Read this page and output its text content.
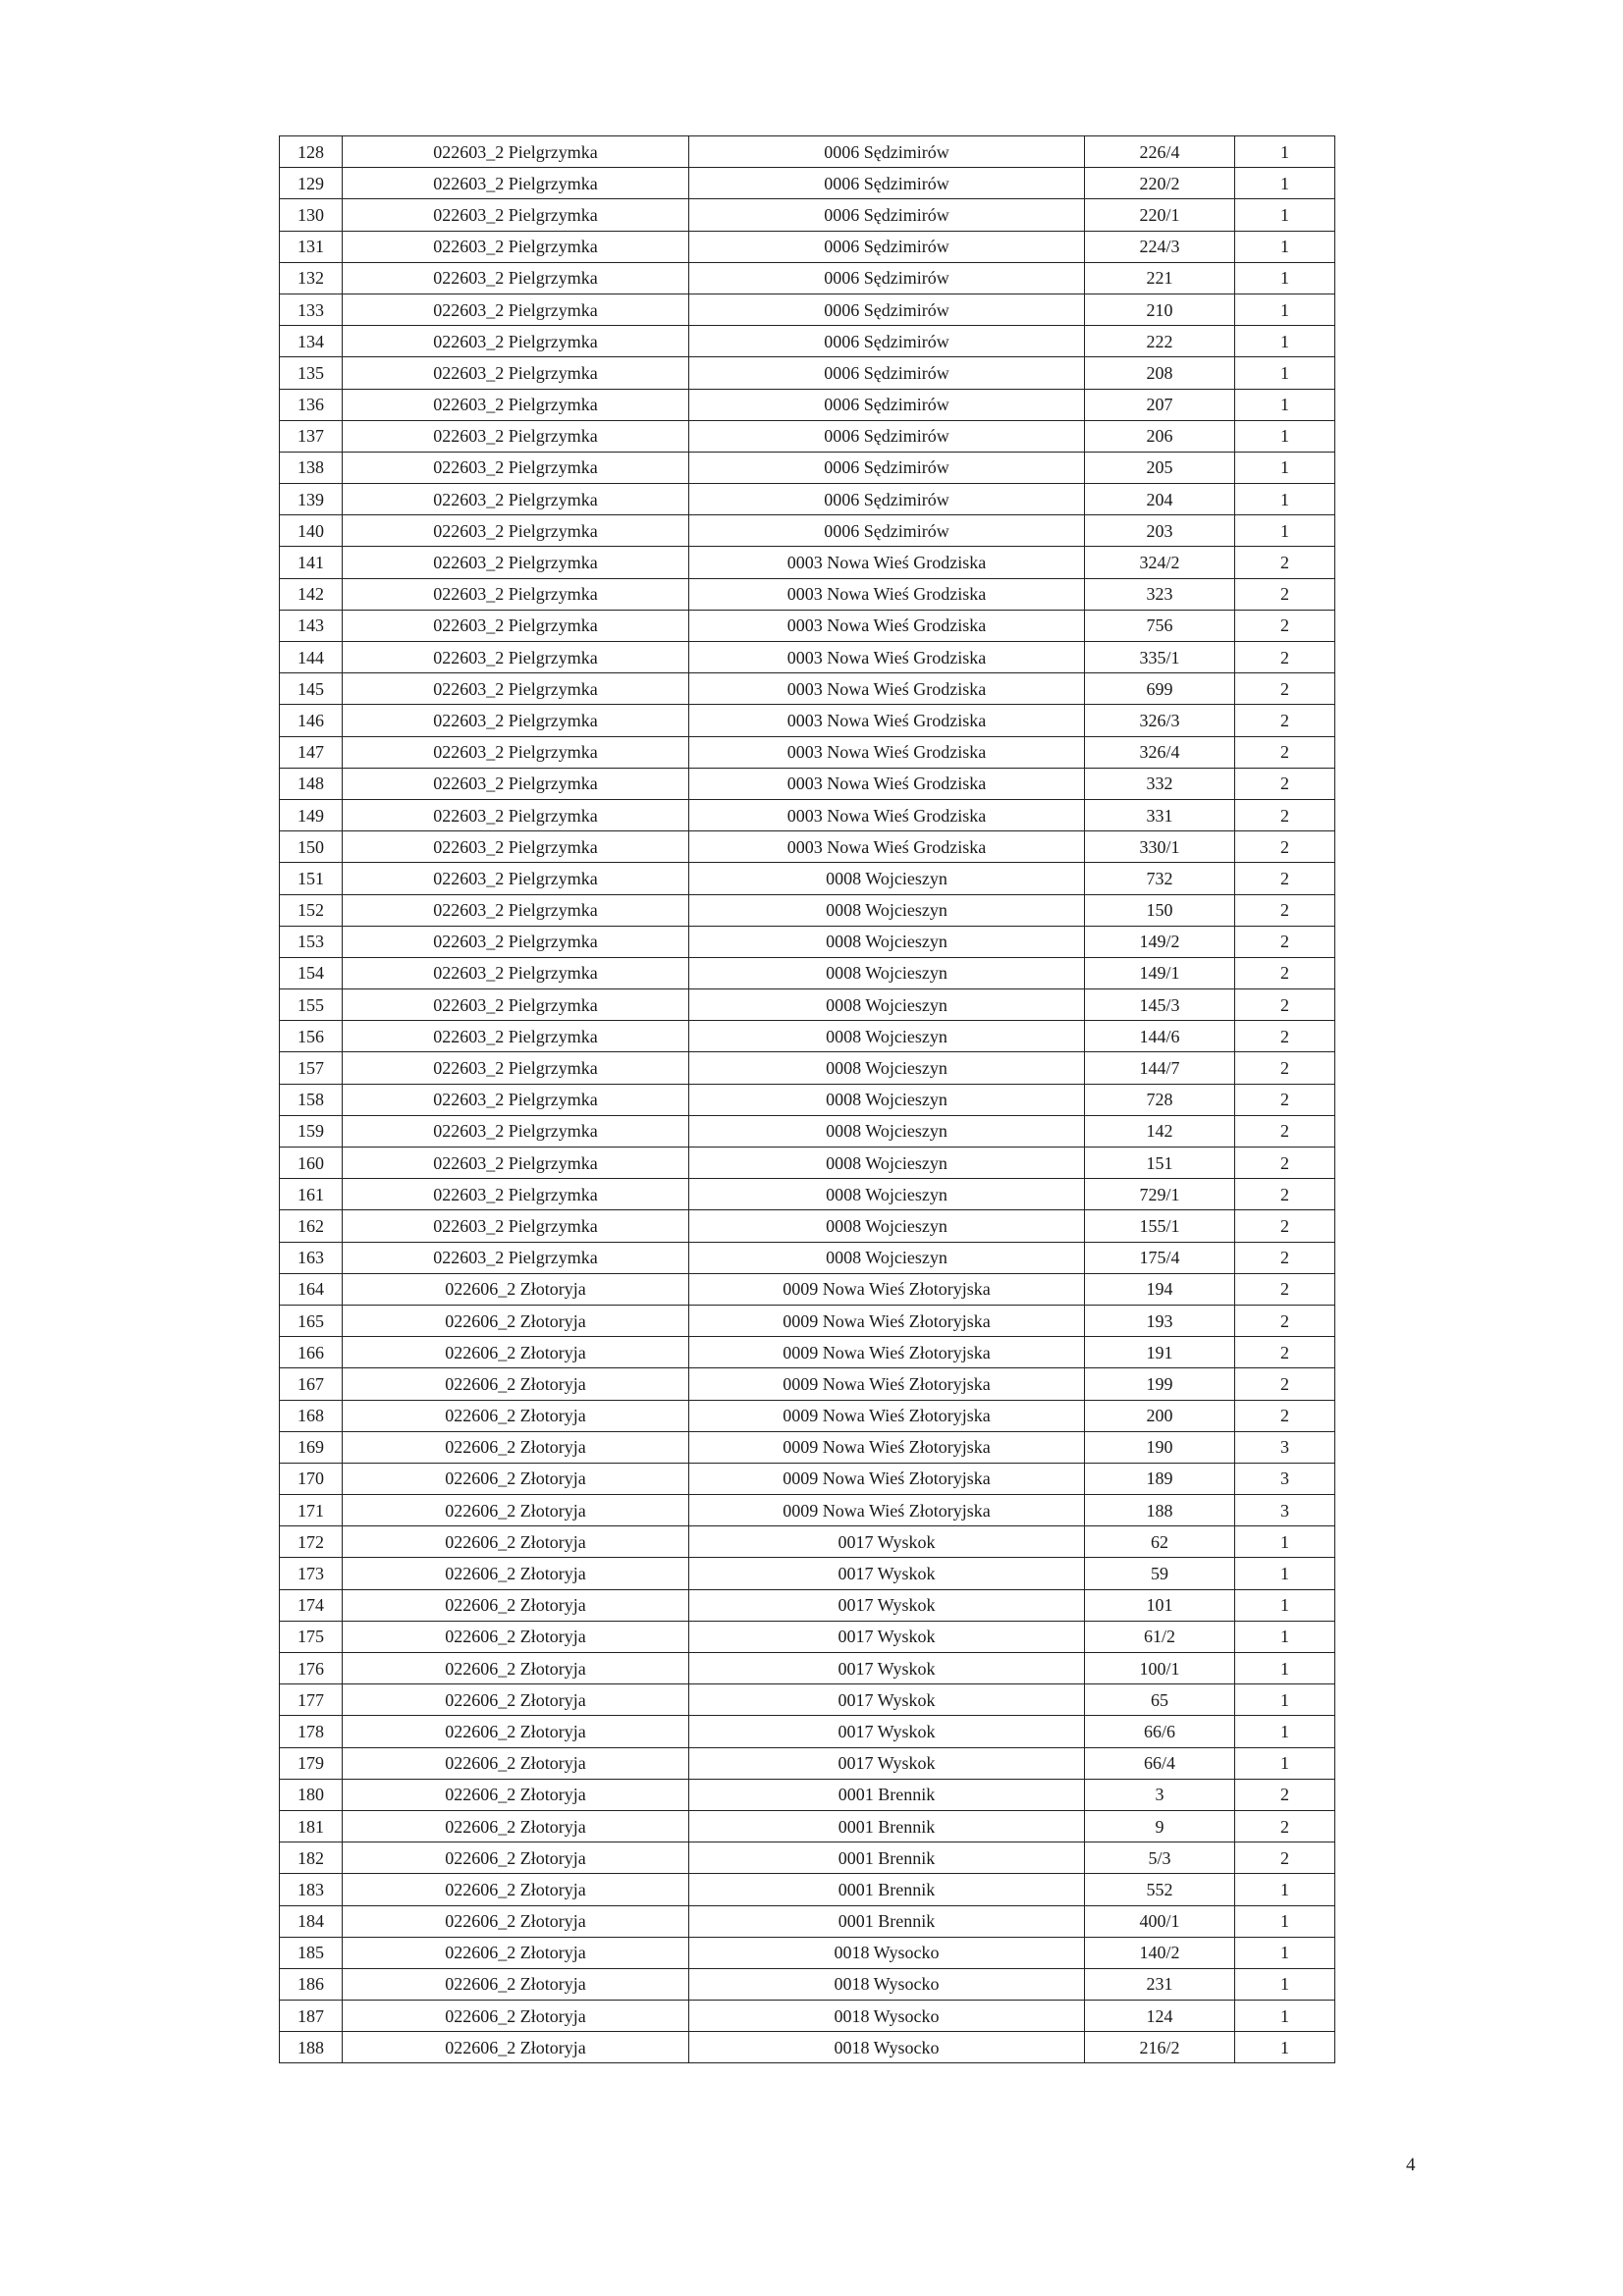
128	022603_2 Pielgrzymka	0006 Sędzimirów	226/4	1
129	022603_2 Pielgrzymka	0006 Sędzimirów	220/2	1
130	022603_2 Pielgrzymka	0006 Sędzimirów	220/1	1
131	022603_2 Pielgrzymka	0006 Sędzimirów	224/3	1
132	022603_2 Pielgrzymka	0006 Sędzimirów	221	1
133	022603_2 Pielgrzymka	0006 Sędzimirów	210	1
134	022603_2 Pielgrzymka	0006 Sędzimirów	222	1
135	022603_2 Pielgrzymka	0006 Sędzimirów	208	1
136	022603_2 Pielgrzymka	0006 Sędzimirów	207	1
137	022603_2 Pielgrzymka	0006 Sędzimirów	206	1
138	022603_2 Pielgrzymka	0006 Sędzimirów	205	1
139	022603_2 Pielgrzymka	0006 Sędzimirów	204	1
140	022603_2 Pielgrzymka	0006 Sędzimirów	203	1
141	022603_2 Pielgrzymka	0003 Nowa Wieś Grodziska	324/2	2
142	022603_2 Pielgrzymka	0003 Nowa Wieś Grodziska	323	2
143	022603_2 Pielgrzymka	0003 Nowa Wieś Grodziska	756	2
144	022603_2 Pielgrzymka	0003 Nowa Wieś Grodziska	335/1	2
145	022603_2 Pielgrzymka	0003 Nowa Wieś Grodziska	699	2
146	022603_2 Pielgrzymka	0003 Nowa Wieś Grodziska	326/3	2
147	022603_2 Pielgrzymka	0003 Nowa Wieś Grodziska	326/4	2
148	022603_2 Pielgrzymka	0003 Nowa Wieś Grodziska	332	2
149	022603_2 Pielgrzymka	0003 Nowa Wieś Grodziska	331	2
150	022603_2 Pielgrzymka	0003 Nowa Wieś Grodziska	330/1	2
151	022603_2 Pielgrzymka	0008 Wojcieszyn	732	2
152	022603_2 Pielgrzymka	0008 Wojcieszyn	150	2
153	022603_2 Pielgrzymka	0008 Wojcieszyn	149/2	2
154	022603_2 Pielgrzymka	0008 Wojcieszyn	149/1	2
155	022603_2 Pielgrzymka	0008 Wojcieszyn	145/3	2
156	022603_2 Pielgrzymka	0008 Wojcieszyn	144/6	2
157	022603_2 Pielgrzymka	0008 Wojcieszyn	144/7	2
158	022603_2 Pielgrzymka	0008 Wojcieszyn	728	2
159	022603_2 Pielgrzymka	0008 Wojcieszyn	142	2
160	022603_2 Pielgrzymka	0008 Wojcieszyn	151	2
161	022603_2 Pielgrzymka	0008 Wojcieszyn	729/1	2
162	022603_2 Pielgrzymka	0008 Wojcieszyn	155/1	2
163	022603_2 Pielgrzymka	0008 Wojcieszyn	175/4	2
164	022606_2 Złotoryja	0009 Nowa Wieś Złotoryjska	194	2
165	022606_2 Złotoryja	0009 Nowa Wieś Złotoryjska	193	2
166	022606_2 Złotoryja	0009 Nowa Wieś Złotoryjska	191	2
167	022606_2 Złotoryja	0009 Nowa Wieś Złotoryjska	199	2
168	022606_2 Złotoryja	0009 Nowa Wieś Złotoryjska	200	2
169	022606_2 Złotoryja	0009 Nowa Wieś Złotoryjska	190	3
170	022606_2 Złotoryja	0009 Nowa Wieś Złotoryjska	189	3
171	022606_2 Złotoryja	0009 Nowa Wieś Złotoryjska	188	3
172	022606_2 Złotoryja	0017 Wyskok	62	1
173	022606_2 Złotoryja	0017 Wyskok	59	1
174	022606_2 Złotoryja	0017 Wyskok	101	1
175	022606_2 Złotoryja	0017 Wyskok	61/2	1
176	022606_2 Złotoryja	0017 Wyskok	100/1	1
177	022606_2 Złotoryja	0017 Wyskok	65	1
178	022606_2 Złotoryja	0017 Wyskok	66/6	1
179	022606_2 Złotoryja	0017 Wyskok	66/4	1
180	022606_2 Złotoryja	0001 Brennik	3	2
181	022606_2 Złotoryja	0001 Brennik	9	2
182	022606_2 Złotoryja	0001 Brennik	5/3	2
183	022606_2 Złotoryja	0001 Brennik	552	1
184	022606_2 Złotoryja	0001 Brennik	400/1	1
185	022606_2 Złotoryja	0018 Wysocko	140/2	1
186	022606_2 Złotoryja	0018 Wysocko	231	1
187	022606_2 Złotoryja	0018 Wysocko	124	1
188	022606_2 Złotoryja	0018 Wysocko	216/2	1
4
